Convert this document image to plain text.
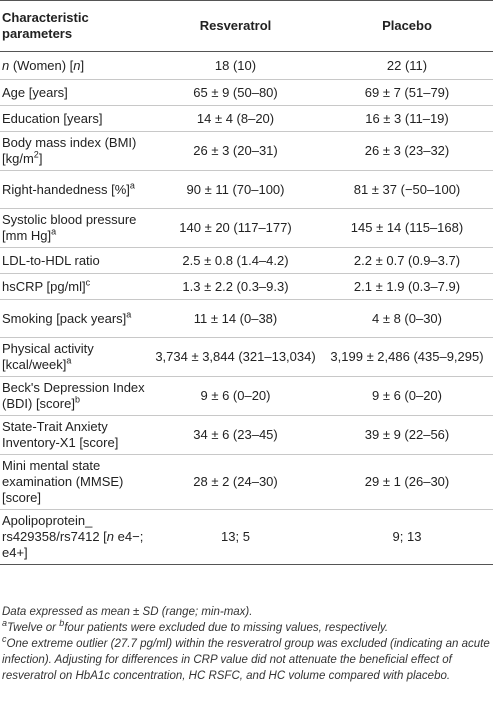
Characteristic parameters	Resveratrol	Placebo
n (Women) [n]	18 (10)	22 (11)
Age [years]	65 ± 9 (50–80)	69 ± 7 (51–79)
Education [years]	14 ± 4 (8–20)	16 ± 3 (11–19)
Body mass index (BMI) $[kg/m^2]$	26 ± 3 (20–31)	26 ± 3 (23–32)
Right-handedness [%]$^a$	90 ± 11 (70–100)	81 ± 37 (−50–100)
Systolic blood pressure [mm Hg]$^a$	140 ± 20 (117–177)	145 ± 14 (115–168)
LDL-to-HDL ratio	2.5 ± 0.8 (1.4–4.2)	2.2 ± 0.7 (0.9–3.7)
hsCRP $[pg/ml]^c$	1.3 ± 2.2 (0.3–9.3)	2.1 ± 1.9 (0.3–7.9)
Smoking [pack years]$^a$	11 ± 14 (0–38)	4 ± 8 (0–30)
Physical activity [kcal/week]$^a$	3,734 ± 3,844 (321–13,034)	3,199 ± 2,486 (435–9,295)
Beck's Depression Index (BDI) [score]$^b$	9 ± 6 (0–20)	9 ± 6 (0–20)
State-Trait Anxiety Inventory-X1 [score]	34 ± 6 (23–45)	39 ± 9 (22–56)
Mini mental state examination (MMSE) [score]	28 ± 2 (24–30)	29 ± 1 (26–30)
Apolipoprotein_ rs429358/rs7412 [n e4−; e4+]	13; 5	9; 13

Data expressed as mean ± SD (range; min-max).

$^a$Twelve or $^b$four patients were excluded due to missing values, respectively.

$^c$One extreme outlier (27.7 pg/ml) within the resveratrol group was excluded (indicating an acute infection). Adjusting for differences in CRP value did not attenuate the beneficial effect of resveratrol on HbA1c concentration, HC RSFC, and HC volume compared with placebo.
